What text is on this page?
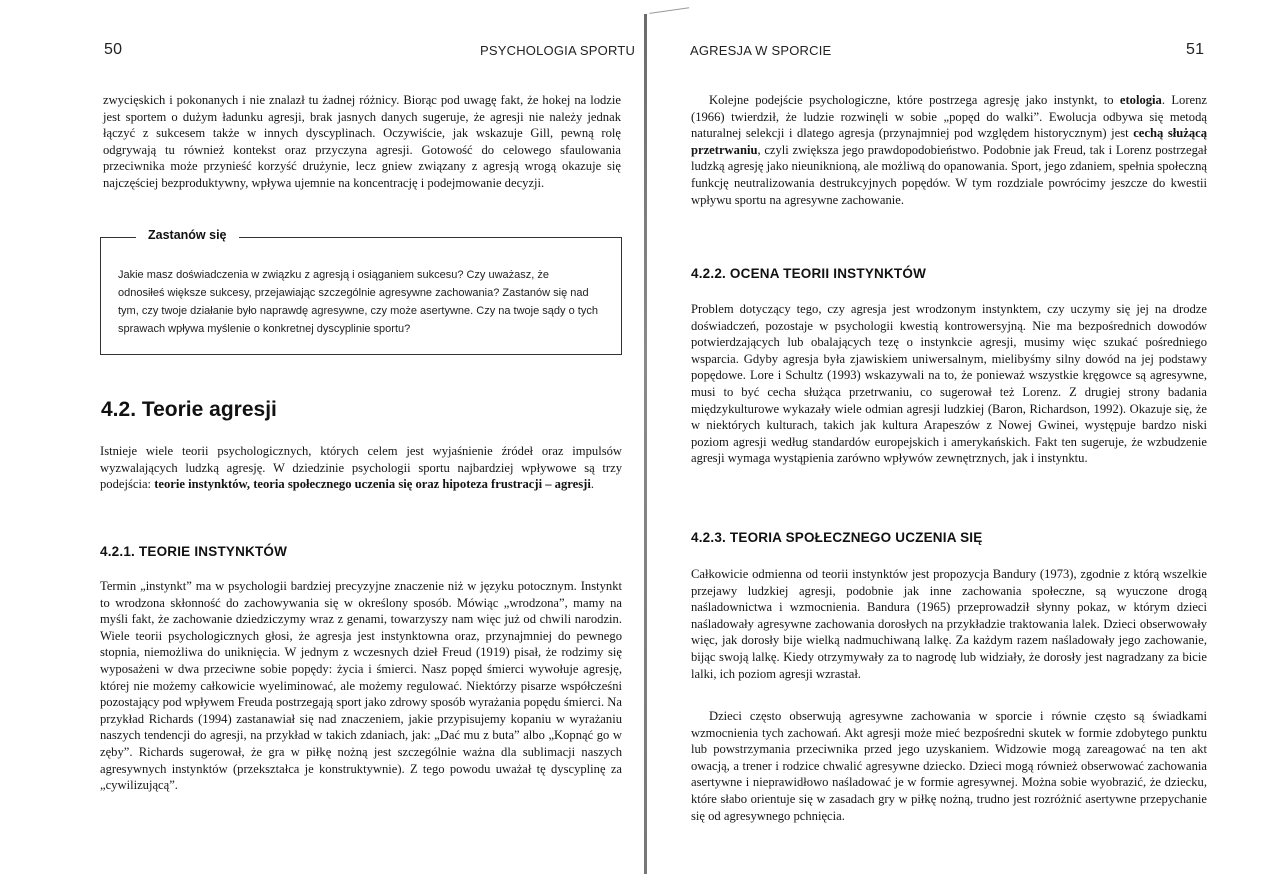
50	PSYCHOLOGIA SPORTU

zwycięskich i pokonanych i nie znalazł tu żadnej różnicy. Biorąc pod uwagę fakt, że hokej na lodzie jest sportem o dużym ładunku agresji, brak jasnych danych sugeruje, że agresji nie należy jednak łączyć z sukcesem także w innych dyscyplinach. Oczywiście, jak wskazuje Gill, pewną rolę odgrywają tu również kontekst oraz przyczyna agresji. Gotowość do celowego sfaulowania przeciwnika może przynieść korzyść drużynie, lecz gniew związany z agresją wrogą okazuje się najczęściej bezproduktywny, wpływa ujemnie na koncentrację i podejmowanie decyzji.

Zastanów się

Jakie masz doświadczenia w związku z agresją i osiąganiem sukcesu? Czy uważasz, że odnosiłeś większe sukcesy, przejawiając szczególnie agresywne zachowania? Zastanów się nad tym, czy twoje działanie było naprawdę agresywne, czy może asertywne. Czy na twoje sądy o tych sprawach wpływa myślenie o konkretnej dyscyplinie sportu?

4.2. Teorie agresji

Istnieje wiele teorii psychologicznych, których celem jest wyjaśnienie źródeł oraz impulsów wyzwalających ludzką agresję. W dziedzinie psychologii sportu najbardziej wpływowe są trzy podejścia: teorie instynktów, teoria społecznego uczenia się oraz hipoteza frustracji – agresji.

4.2.1. TEORIE INSTYNKTÓW

Termin „instynkt” ma w psychologii bardziej precyzyjne znaczenie niż w języku potocznym. Instynkt to wrodzona skłonność do zachowywania się w określony sposób. Mówiąc „wrodzona”, mamy na myśli fakt, że zachowanie dziedziczymy wraz z genami, towarzyszy nam więc już od chwili narodzin. Wiele teorii psychologicznych głosi, że agresja jest instynktowna oraz, przynajmniej do pewnego stopnia, niemożliwa do uniknięcia. W jednym z wczesnych dzieł Freud (1919) pisał, że rodzimy się wyposażeni w dwa przeciwne sobie popędy: życia i śmierci. Nasz popęd śmierci wywołuje agresję, której nie możemy całkowicie wyeliminować, ale możemy regulować. Niektórzy pisarze współcześni pozostający pod wpływem Freuda postrzegają sport jako zdrowy sposób wyrażania popędu śmierci. Na przykład Richards (1994) zastanawiał się nad znaczeniem, jakie przypisujemy kopaniu w wyrażaniu naszych tendencji do agresji, na przykład w takich zdaniach, jak: „Dać mu z buta” albo „Kopnąć go w zęby”. Richards sugerował, że gra w piłkę nożną jest szczególnie ważna dla sublimacji naszych agresywnych instynktów (przekształca je konstruktywnie). Z tego powodu uważał tę dyscyplinę za „cywilizującą”.

AGRESJA W SPORCIE	51

Kolejne podejście psychologiczne, które postrzega agresję jako instynkt, to etologia. Lorenz (1966) twierdził, że ludzie rozwinęli w sobie „popęd do walki”. Ewolucja odbywa się metodą naturalnej selekcji i dlatego agresja (przynajmniej pod względem historycznym) jest cechą służącą przetrwaniu, czyli zwiększa jego prawdopodobieństwo. Podobnie jak Freud, tak i Lorenz postrzegał ludzką agresję jako nieuniknioną, ale możliwą do opanowania. Sport, jego zdaniem, spełnia społeczną funkcję neutralizowania destrukcyjnych popędów. W tym rozdziale powrócimy jeszcze do kwestii wpływu sportu na agresywne zachowanie.

4.2.2. OCENA TEORII INSTYNKTÓW

Problem dotyczący tego, czy agresja jest wrodzonym instynktem, czy uczymy się jej na drodze doświadczeń, pozostaje w psychologii kwestią kontrowersyjną. Nie ma bezpośrednich dowodów potwierdzających lub obalających tezę o instynkcie agresji, musimy więc szukać pośredniego wsparcia. Gdyby agresja była zjawiskiem uniwersalnym, mielibyśmy silny dowód na jej podstawy popędowe. Lore i Schultz (1993) wskazywali na to, że ponieważ wszystkie kręgowce są agresywne, musi to być cecha służąca przetrwaniu, co sugerował też Lorenz. Z drugiej strony badania międzykulturowe wykazały wiele odmian agresji ludzkiej (Baron, Richardson, 1992). Okazuje się, że w niektórych kulturach, takich jak kultura Arapeszów z Nowej Gwinei, występuje bardzo niski poziom agresji według standardów europejskich i amerykańskich. Fakt ten sugeruje, że wzbudzenie agresji wymaga wystąpienia zarówno wpływów zewnętrznych, jak i instynktu.

4.2.3. TEORIA SPOŁECZNEGO UCZENIA SIĘ

Całkowicie odmienna od teorii instynktów jest propozycja Bandury (1973), zgodnie z którą wszelkie przejawy ludzkiej agresji, podobnie jak inne zachowania społeczne, są wyuczone drogą naśladownictwa i wzmocnienia. Bandura (1965) przeprowadził słynny pokaz, w którym dzieci naśladowały agresywne zachowania dorosłych na przykładzie traktowania lalek. Dzieci obserwowały więc, jak dorosły bije wielką nadmuchiwaną lalkę. Za każdym razem naśladowały jego zachowanie, bijąc swoją lalkę. Kiedy otrzymywały za to nagrodę lub widziały, że dorosły jest nagradzany za bicie lalki, ich poziom agresji wzrastał.

Dzieci często obserwują agresywne zachowania w sporcie i równie często są świadkami wzmocnienia tych zachowań. Akt agresji może mieć bezpośredni skutek w formie zdobytego punktu lub powstrzymania przeciwnika przed jego uzyskaniem. Widzowie mogą zareagować na ten akt owacją, a trener i rodzice chwalić agresywne dziecko. Dzieci mogą również obserwować zachowania asertywne i nieprawidłowo naśladować je w formie agresywnej. Można sobie wyobrazić, że dziecku, które słabo orientuje się w zasadach gry w piłkę nożną, trudno jest rozróżnić asertywne przepychanie się od agresywnego pchnięcia.
